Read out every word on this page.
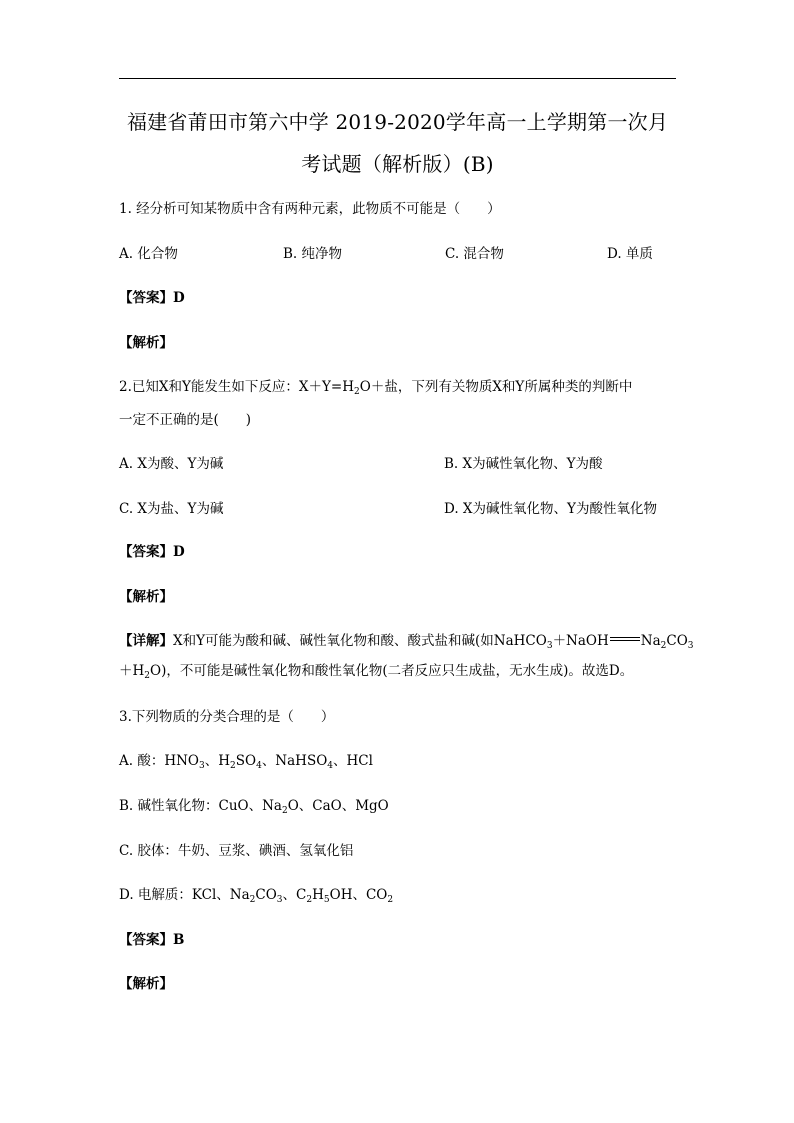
福建省莆田市第六中学 2019-2020学年高一上学期第一次月
考试题（解析版）(B)
1. 经分析可知某物质中含有两种元素，此物质不可能是（　　）
A. 化合物	B. 纯净物	C. 混合物	D. 单质
【答案】D
【解析】
2.已知X和Y能发生如下反应：$X+Y=H_2O+$盐，下列有关物质X和Y所属种类的判断中
一定不正确的是(　　)
A. X为酸、Y为碱	B. X为碱性氧化物、Y为酸
C. X为盐、Y为碱	D. X为碱性氧化物、Y为酸性氧化物
【答案】D
【解析】
【详解】X和Y可能为酸和碱、碱性氧化物和酸、酸式盐和碱(如NaHCO$_3$＋NaOH $Na_2CO_3$
$+H_2O$)，不可能是碱性氧化物和酸性氧化物(二者反应只生成盐，无水生成)。故选D。
3.下列物质的分类合理的是（　　）
A. 酸：$HNO_3$、$H_2SO_4$、NaHSO$_4$、HCl
B. 碱性氧化物：CuO、$Na_2O$、CaO、MgO
C. 胶体：牛奶、豆浆、碘酒、氢氧化铝
D. 电解质：KCl、$Na_2CO_3$、$C_2H_5OH$、$CO_2$
【答案】B
【解析】
